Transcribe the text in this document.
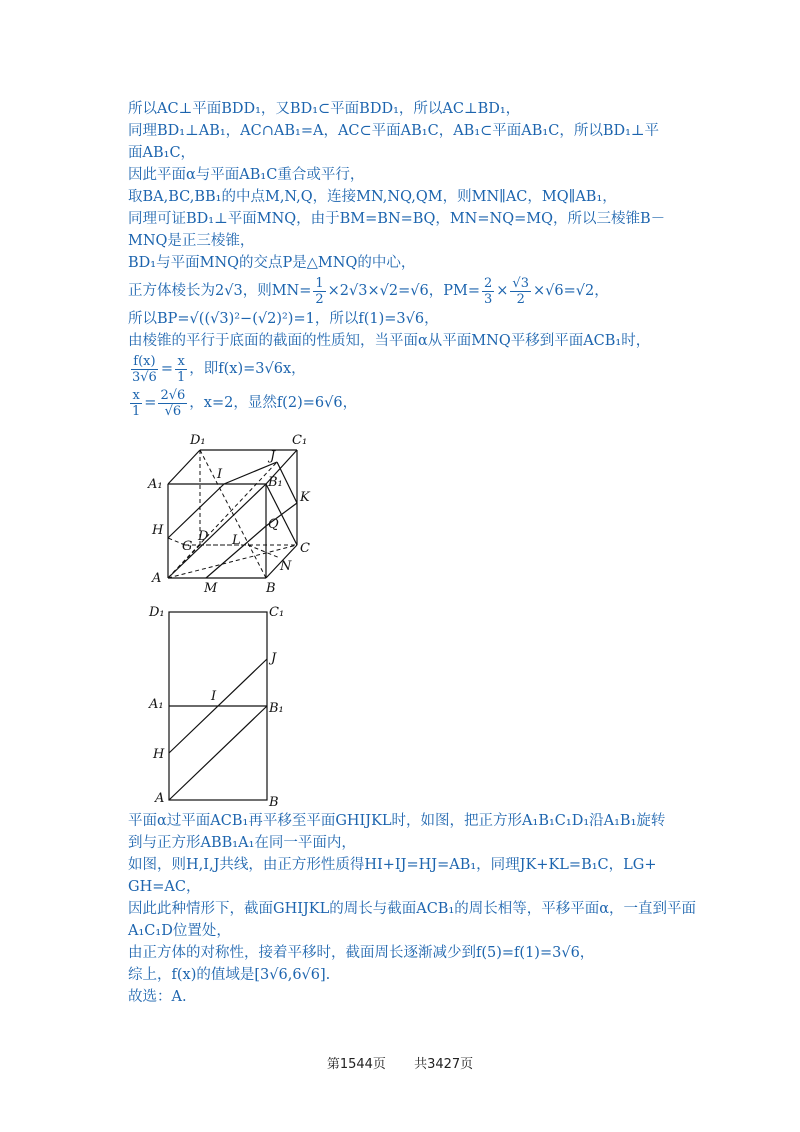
所以AC⊥平面BDD₁，又BD₁⊂平面BDD₁，所以AC⊥BD₁，
同理BD₁⊥AB₁，AC∩AB₁=A，AC⊂平面AB₁C，AB₁⊂平面AB₁C，所以BD₁⊥平
面AB₁C，
因此平面α与平面AB₁C重合或平行，
取BA,BC,BB₁的中点M,N,Q，连接MN,NQ,QM，则MN∥AC，MQ∥AB₁，
同理可证BD₁⊥平面MNQ，由于BM=BN=BQ，MN=NQ=MQ，所以三棱锥B－
MNQ是正三棱锥，
BD₁与平面MNQ的交点P是△MNQ的中心，
正方体棱长为2√3，则$MN= \frac{1}{2} \times 2√3\times√2=√6$，$PM= \frac{2}{3} \times \frac{√3}{2} \times√6=√2$，
所以BP=√((√3)²−(√2)²)=1，所以f(1)=3√6，
由棱锥的平行于底面的截面的性质知，当平面α从平面MNQ平移到平面ACB₁时，
$\frac{f(x)}{3√6} = \frac{x}{1}$ ，即f(x)=3√6x，
$\frac{x}{1} = \frac{2√6}{√6}$ ，x=2，显然f(2)=6√6，
D₁	C₁
A₁	B₁
I
J
K
H	Q
G
D L
C
N
A
M	B
D₁	C₁
J
A₁
I
B₁
H
A	B
平面α过平面ACB₁再平移至平面GHIJKL时，如图，把正方形A₁B₁C₁D₁沿A₁B₁旋转
到与正方形ABB₁A₁在同一平面内，
如图，则H,I,J共线，由正方形性质得HI+IJ=HJ=AB₁，同理JK+KL=B₁C，LG+
GH=AC，
因此此种情形下，截面GHIJKL的周长与截面ACB₁的周长相等，平移平面α，一直到平面
A₁C₁D位置处，
由正方体的对称性，接着平移时，截面周长逐渐减少到f(5)=f(1)=3√6，
综上，f(x)的值域是[3√6,6√6].
故选：A.
第1544页 共3427页
